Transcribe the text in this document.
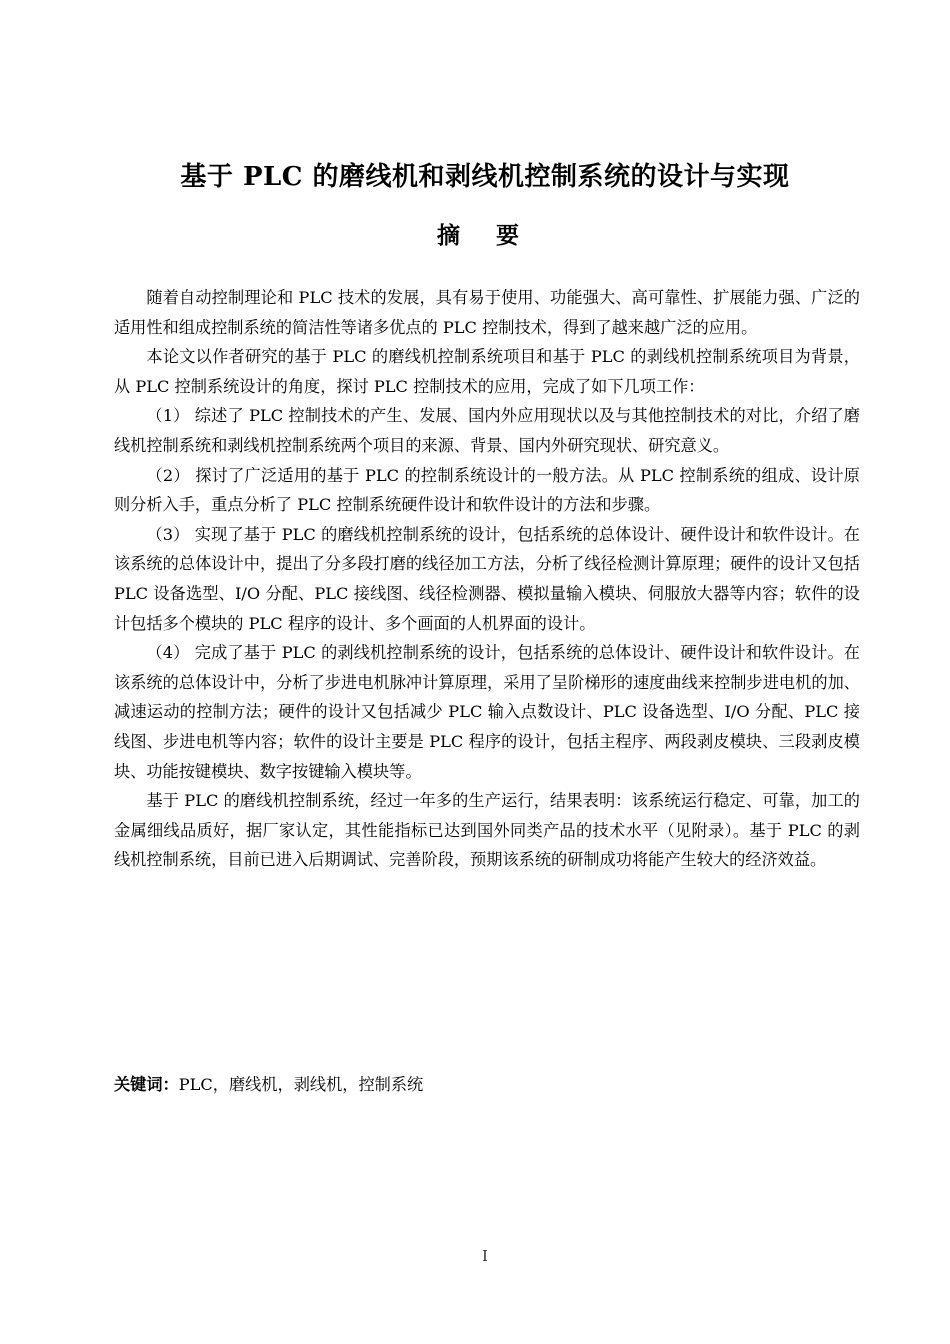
基于 PLC 的磨线机和剥线机控制系统的设计与实现
摘 要

随着自动控制理论和 PLC 技术的发展，具有易于使用、功能强大、高可靠性、扩展能力强、广泛的适用性和组成控制系统的简洁性等诸多优点的 PLC 控制技术，得到了越来越广泛的应用。

本论文以作者研究的基于 PLC 的磨线机控制系统项目和基于 PLC 的剥线机控制系统项目为背景，从 PLC 控制系统设计的角度，探讨 PLC 控制技术的应用，完成了如下几项工作：

（1） 综述了 PLC 控制技术的产生、发展、国内外应用现状以及与其他控制技术的对比，介绍了磨线机控制系统和剥线机控制系统两个项目的来源、背景、国内外研究现状、研究意义。

（2） 探讨了广泛适用的基于 PLC 的控制系统设计的一般方法。从 PLC 控制系统的组成、设计原则分析入手，重点分析了 PLC 控制系统硬件设计和软件设计的方法和步骤。

（3） 实现了基于 PLC 的磨线机控制系统的设计，包括系统的总体设计、硬件设计和软件设计。在该系统的总体设计中，提出了分多段打磨的线径加工方法，分析了线径检测计算原理；硬件的设计又包括 PLC 设备选型、I/O 分配、PLC 接线图、线径检测器、模拟量输入模块、伺服放大器等内容；软件的设计包括多个模块的 PLC 程序的设计、多个画面的人机界面的设计。

（4） 完成了基于 PLC 的剥线机控制系统的设计，包括系统的总体设计、硬件设计和软件设计。在该系统的总体设计中，分析了步进电机脉冲计算原理，采用了呈阶梯形的速度曲线来控制步进电机的加、减速运动的控制方法；硬件的设计又包括减少 PLC 输入点数设计、PLC 设备选型、I/O 分配、PLC 接线图、步进电机等内容；软件的设计主要是 PLC 程序的设计，包括主程序、两段剥皮模块、三段剥皮模块、功能按键模块、数字按键输入模块等。

基于 PLC 的磨线机控制系统，经过一年多的生产运行，结果表明：该系统运行稳定、可靠，加工的金属细线品质好，据厂家认定，其性能指标已达到国外同类产品的技术水平（见附录）。基于 PLC 的剥线机控制系统，目前已进入后期调试、完善阶段，预期该系统的研制成功将能产生较大的经济效益。

关键词：PLC，磨线机，剥线机，控制系统

I
